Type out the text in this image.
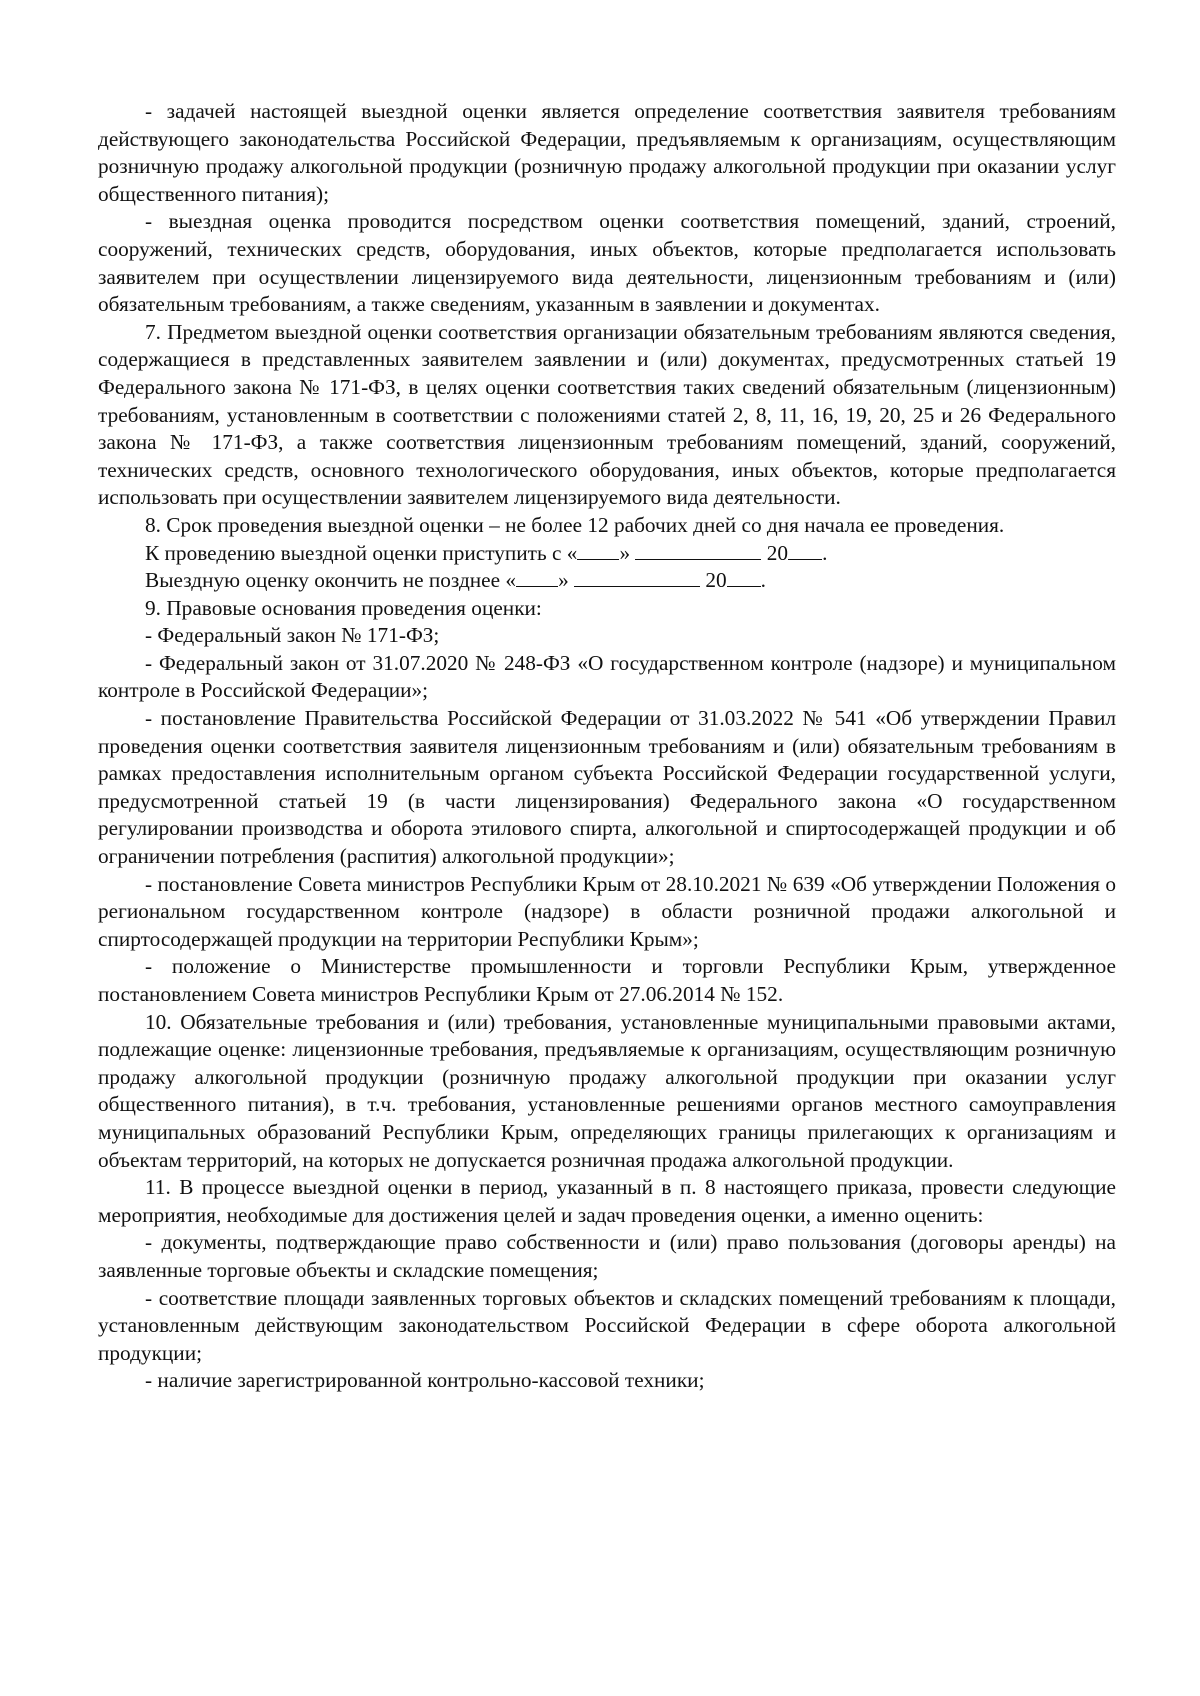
- задачей настоящей выездной оценки является определение соответствия заявителя требованиям действующего законодательства Российской Федерации, предъявляемым к организациям, осуществляющим розничную продажу алкогольной продукции (розничную продажу алкогольной продукции при оказании услуг общественного питания);

- выездная оценка проводится посредством оценки соответствия помещений, зданий, строений, сооружений, технических средств, оборудования, иных объектов, которые предполагается использовать заявителем при осуществлении лицензируемого вида деятельности, лицензионным требованиям и (или) обязательным требованиям, а также сведениям, указанным в заявлении и документах.

7. Предметом выездной оценки соответствия организации обязательным требованиям являются сведения, содержащиеся в представленных заявителем заявлении и (или) документах, предусмотренных статьей 19 Федерального закона № 171-ФЗ, в целях оценки соответствия таких сведений обязательным (лицензионным) требованиям, установленным в соответствии с положениями статей 2, 8, 11, 16, 19, 20, 25 и 26 Федерального закона № 171-ФЗ, а также соответствия лицензионным требованиям помещений, зданий, сооружений, технических средств, основного технологического оборудования, иных объектов, которые предполагается использовать при осуществлении заявителем лицензируемого вида деятельности.

8. Срок проведения выездной оценки – не более 12 рабочих дней со дня начала ее проведения.

К проведению выездной оценки приступить с « »	20 .

Выездную оценку окончить не позднее « »	20 .

9. Правовые основания проведения оценки:

- Федеральный закон № 171-ФЗ;

- Федеральный закон от 31.07.2020 № 248-ФЗ «О государственном контроле (надзоре) и муниципальном контроле в Российской Федерации»;

- постановление Правительства Российской Федерации от 31.03.2022 № 541 «Об утверждении Правил проведения оценки соответствия заявителя лицензионным требованиям и (или) обязательным требованиям в рамках предоставления исполнительным органом субъекта Российской Федерации государственной услуги, предусмотренной статьей 19 (в части лицензирования) Федерального закона «О государственном регулировании производства и оборота этилового спирта, алкогольной и спиртосодержащей продукции и об ограничении потребления (распития) алкогольной продукции»;

- постановление Совета министров Республики Крым от 28.10.2021 № 639 «Об утверждении Положения о региональном государственном контроле (надзоре) в области розничной продажи алкогольной и спиртосодержащей продукции на территории Республики Крым»;

- положение о Министерстве промышленности и торговли Республики Крым, утвержденное постановлением Совета министров Республики Крым от 27.06.2014 № 152.

10. Обязательные требования и (или) требования, установленные муниципальными правовыми актами, подлежащие оценке: лицензионные требования, предъявляемые к организациям, осуществляющим розничную продажу алкогольной продукции (розничную продажу алкогольной продукции при оказании услуг общественного питания), в т.ч. требования, установленные решениями органов местного самоуправления муниципальных образований Республики Крым, определяющих границы прилегающих к организациям и объектам территорий, на которых не допускается розничная продажа алкогольной продукции.

11. В процессе выездной оценки в период, указанный в п. 8 настоящего приказа, провести следующие мероприятия, необходимые для достижения целей и задач проведения оценки, а именно оценить:

- документы, подтверждающие право собственности и (или) право пользования (договоры аренды) на заявленные торговые объекты и складские помещения;

- соответствие площади заявленных торговых объектов и складских помещений требованиям к площади, установленным действующим законодательством Российской Федерации в сфере оборота алкогольной продукции;

- наличие зарегистрированной контрольно-кассовой техники;
